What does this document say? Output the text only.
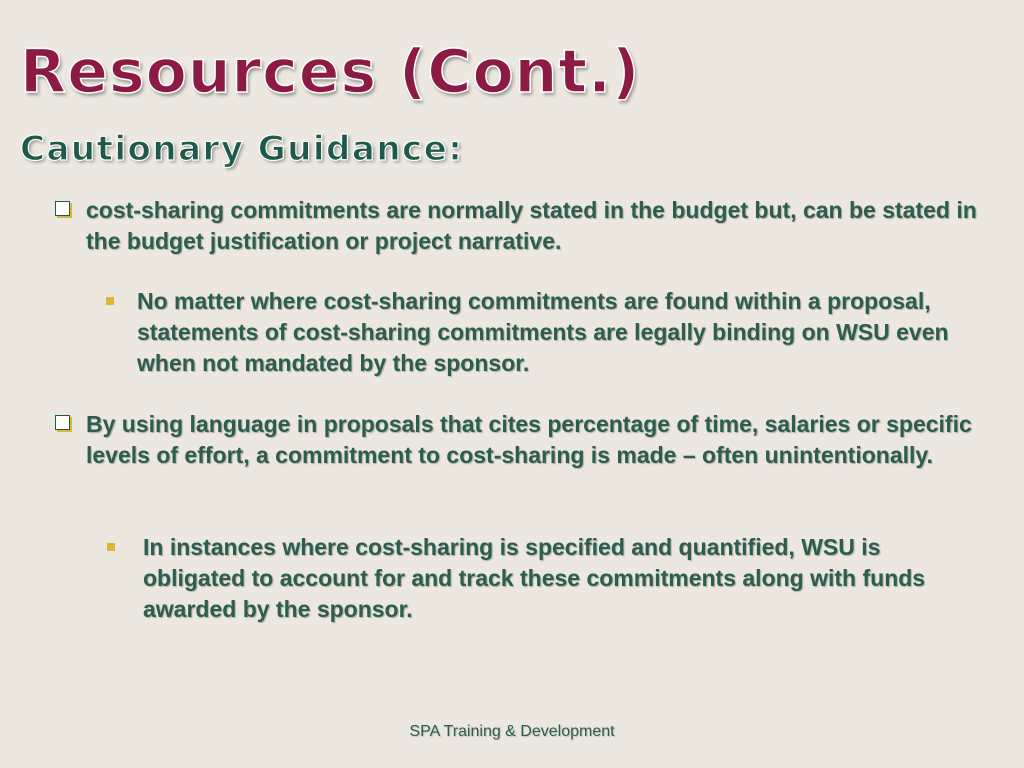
Resources (Cont.)
Cautionary Guidance:
cost-sharing commitments are normally stated in the budget but, can be stated in the budget justification or project narrative.
No matter where cost-sharing commitments are found within a proposal, statements of cost-sharing commitments are legally binding on WSU even when not mandated by the sponsor.
By using language in proposals that cites percentage of time, salaries or specific levels of effort, a commitment to cost-sharing is made – often unintentionally.
In instances where cost-sharing is specified and quantified, WSU is obligated to account for and track these commitments along with funds awarded by the sponsor.
SPA Training & Development
